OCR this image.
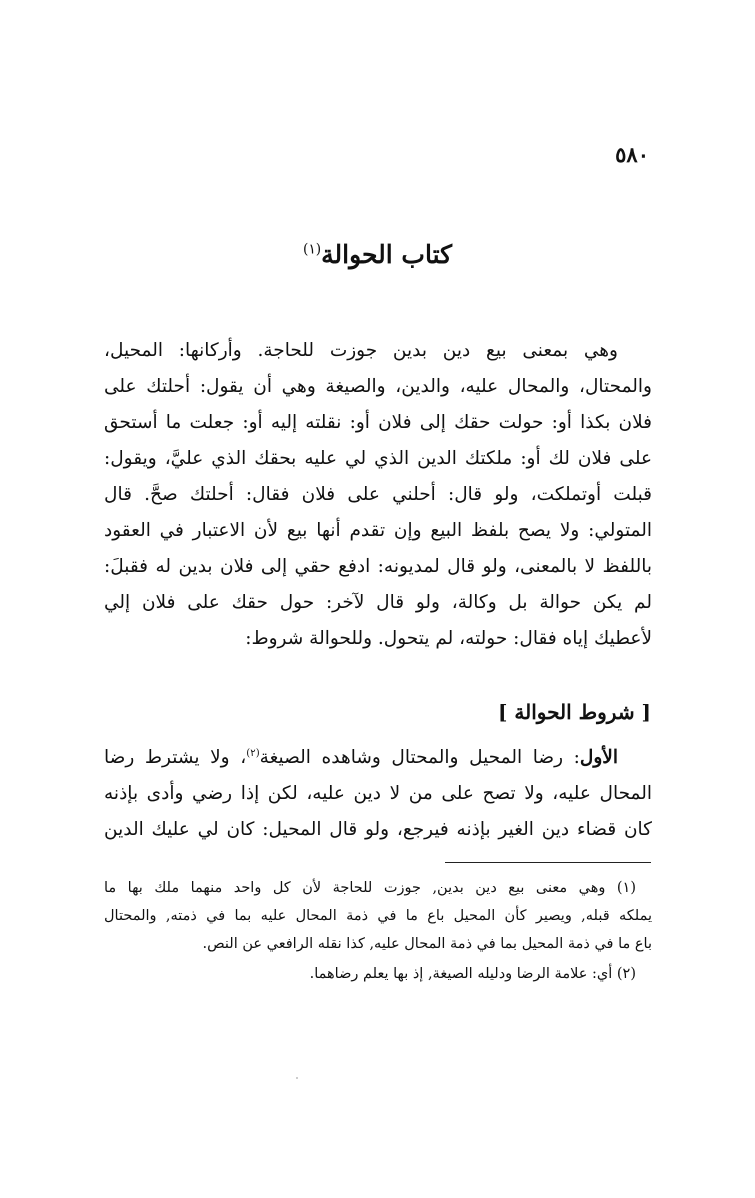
٥٨٠
كتاب الحوالة$^{(١)}$
وهي بمعنى بيع دين بدين جوزت للحاجة. وأركانها: المحيل،
والمحتال، والمحال عليه، والدين، والصيغة وهي أن يقول: أحلتك على
فلان بكذا أو: حولت حقك إلى فلان أو: نقلته إليه أو: جعلت ما أستحق
على فلان لك أو: ملكتك الدين الذي لي عليه بحقك الذي عليَّ، ويقول:
قبلت أوتملكت، ولو قال: أحلني على فلان فقال: أحلتك صحَّ. قال
المتولي: ولا يصح بلفظ البيع وإن تقدم أنها بيع لأن الاعتبار في العقود
باللفظ لا بالمعنى، ولو قال لمديونه: ادفع حقي إلى فلان بدين له فقبلَ:
لم يكن حوالة بل وكالة، ولو قال لآخر: حول حقك على فلان إلي
لأعطيك إياه فقال: حولته، لم يتحول. وللحوالة شروط:
[ شروط الحوالة ]
الأول: رضا المحيل والمحتال وشاهده الصيغة$^{(٢)}$، ولا يشترط رضا
المحال عليه، ولا تصح على من لا دين عليه، لكن إذا رضي وأدى بإذنه
كان قضاء دين الغير بإذنه فيرجع، ولو قال المحيل: كان لي عليك الدين
(١) وهي معنى بيع دين بدين, جوزت للحاجة لأن كل واحد منهما ملك بها ما
يملكه قبله, ويصير كأن المحيل باع ما في ذمة المحال عليه بما في ذمته, والمحتال
باع ما في ذمة المحيل بما في ذمة المحال عليه, كذا نقله الرافعي عن النص.
(٢) أي: علامة الرضا ودليله الصيغة, إذ بها يعلم رضاهما.
